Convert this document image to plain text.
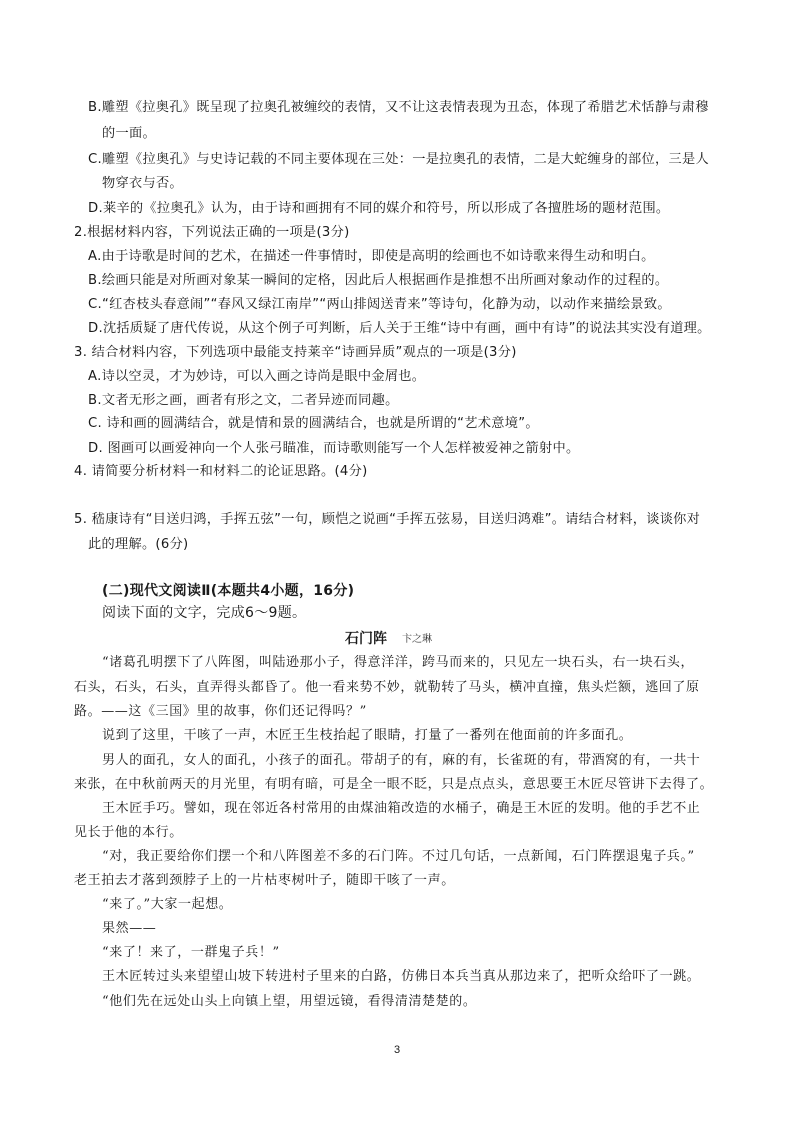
B.雕塑《拉奥孔》既呈现了拉奥孔被缠绞的表情，又不让这表情表现为丑态，体现了希腊艺术恬静与肃穆
的一面。
C.雕塑《拉奥孔》与史诗记载的不同主要体现在三处：一是拉奥孔的表情，二是大蛇缠身的部位，三是人
物穿衣与否。
D.莱辛的《拉奥孔》认为，由于诗和画拥有不同的媒介和符号，所以形成了各擅胜场的题材范围。
2.根据材料内容，下列说法正确的一项是(3分)
A.由于诗歌是时间的艺术，在描述一件事情时，即使是高明的绘画也不如诗歌来得生动和明白。
B.绘画只能是对所画对象某一瞬间的定格，因此后人根据画作是推想不出所画对象动作的过程的。
C.“红杏枝头春意闹”“春风又绿江南岸”“两山排闼送青来”等诗句，化静为动，以动作来描绘景致。
D.沈括质疑了唐代传说，从这个例子可判断，后人关于王维“诗中有画，画中有诗”的说法其实没有道理。
3. 结合材料内容，下列选项中最能支持莱辛“诗画异质”观点的一项是(3分)
A.诗以空灵，才为妙诗，可以入画之诗尚是眼中金屑也。
B.文者无形之画，画者有形之文，二者异迹而同趣。
C. 诗和画的圆满结合，就是情和景的圆满结合，也就是所谓的“艺术意境”。
D. 图画可以画爱神向一个人张弓瞄准，而诗歌则能写一个人怎样被爱神之箭射中。
4. 请简要分析材料一和材料二的论证思路。(4分)
5. 嵇康诗有“目送归鸿，手挥五弦”一句，顾恺之说画“手挥五弦易，目送归鸿难”。请结合材料，谈谈你对
此的理解。(6分)
(二)现代文阅读Ⅱ(本题共4小题，16分)
阅读下面的文字，完成6～9题。
石门阵 卞之琳
“诸葛孔明摆下了八阵图，叫陆逊那小子，得意洋洋，跨马而来的，只见左一块石头，右一块石头，
石头，石头，石头，直弄得头都昏了。他一看来势不妙，就勒转了马头，横冲直撞，焦头烂额，逃回了原
路。——这《三国》里的故事，你们还记得吗？”
说到了这里，干咳了一声，木匠王生枝抬起了眼睛，打量了一番列在他面前的许多面孔。
男人的面孔，女人的面孔，小孩子的面孔。带胡子的有，麻的有，长雀斑的有，带酒窝的有，一共十
来张，在中秋前两天的月光里，有明有暗，可是全一眼不眨，只是点点头，意思要王木匠尽管讲下去得了。
王木匠手巧。譬如，现在邻近各村常用的由煤油箱改造的水桶子，确是王木匠的发明。他的手艺不止
见长于他的本行。
“对，我正要给你们摆一个和八阵图差不多的石门阵。不过几句话，一点新闻，石门阵摆退鬼子兵。”
老王拍去才落到颈脖子上的一片枯枣树叶子，随即干咳了一声。
“来了。”大家一起想。
果然——
“来了！来了，一群鬼子兵！”
王木匠转过头来望望山坡下转进村子里来的白路，仿佛日本兵当真从那边来了，把听众给吓了一跳。
“他们先在远处山头上向镇上望，用望远镜，看得清清楚楚的。
3
